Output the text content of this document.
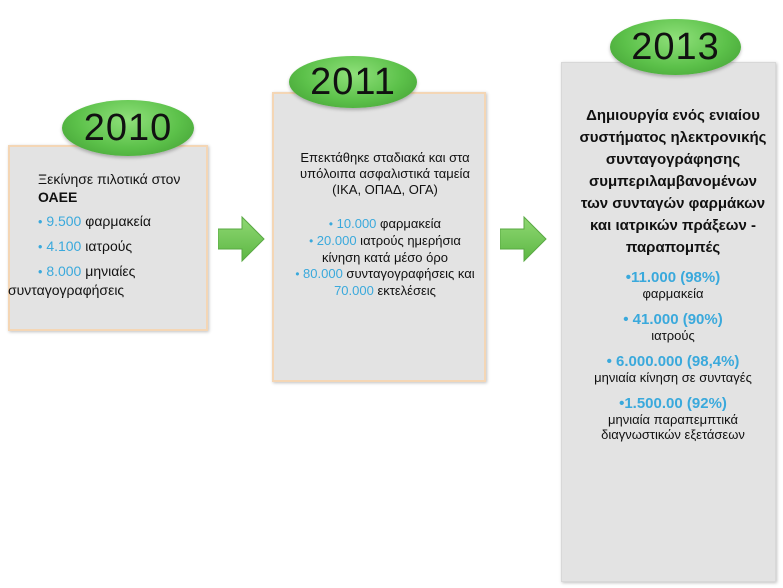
2010
2011
2013
Ξεκίνησε πιλοτικά στον ΟΑΕΕ
• 9.500 φαρμακεία
• 4.100 ιατρούς
• 8.000 μηνιαίες συνταγογραφήσεις
Επεκτάθηκε σταδιακά και στα υπόλοιπα ασφαλιστικά ταμεία (ΙΚΑ, ΟΠΑΔ, ΟΓΑ)
• 10.000 φαρμακεία
• 20.000 ιατρούς ημερήσια κίνηση κατά μέσο όρο
• 80.000 συνταγογραφήσεις και 70.000 εκτελέσεις
Δημιουργία ενός ενιαίου συστήματος ηλεκτρονικής συνταγογράφησης συμπεριλαμβανομένων των συνταγών φαρμάκων και ιατρικών πράξεων - παραπομπές
•11.000 (98%)
φαρμακεία
• 41.000 (90%)
ιατρούς
• 6.000.000 (98,4%)
μηνιαία κίνηση σε συνταγές
•1.500.00 (92%)
μηνιαία παραπεμπτικά διαγνωστικών εξετάσεων
